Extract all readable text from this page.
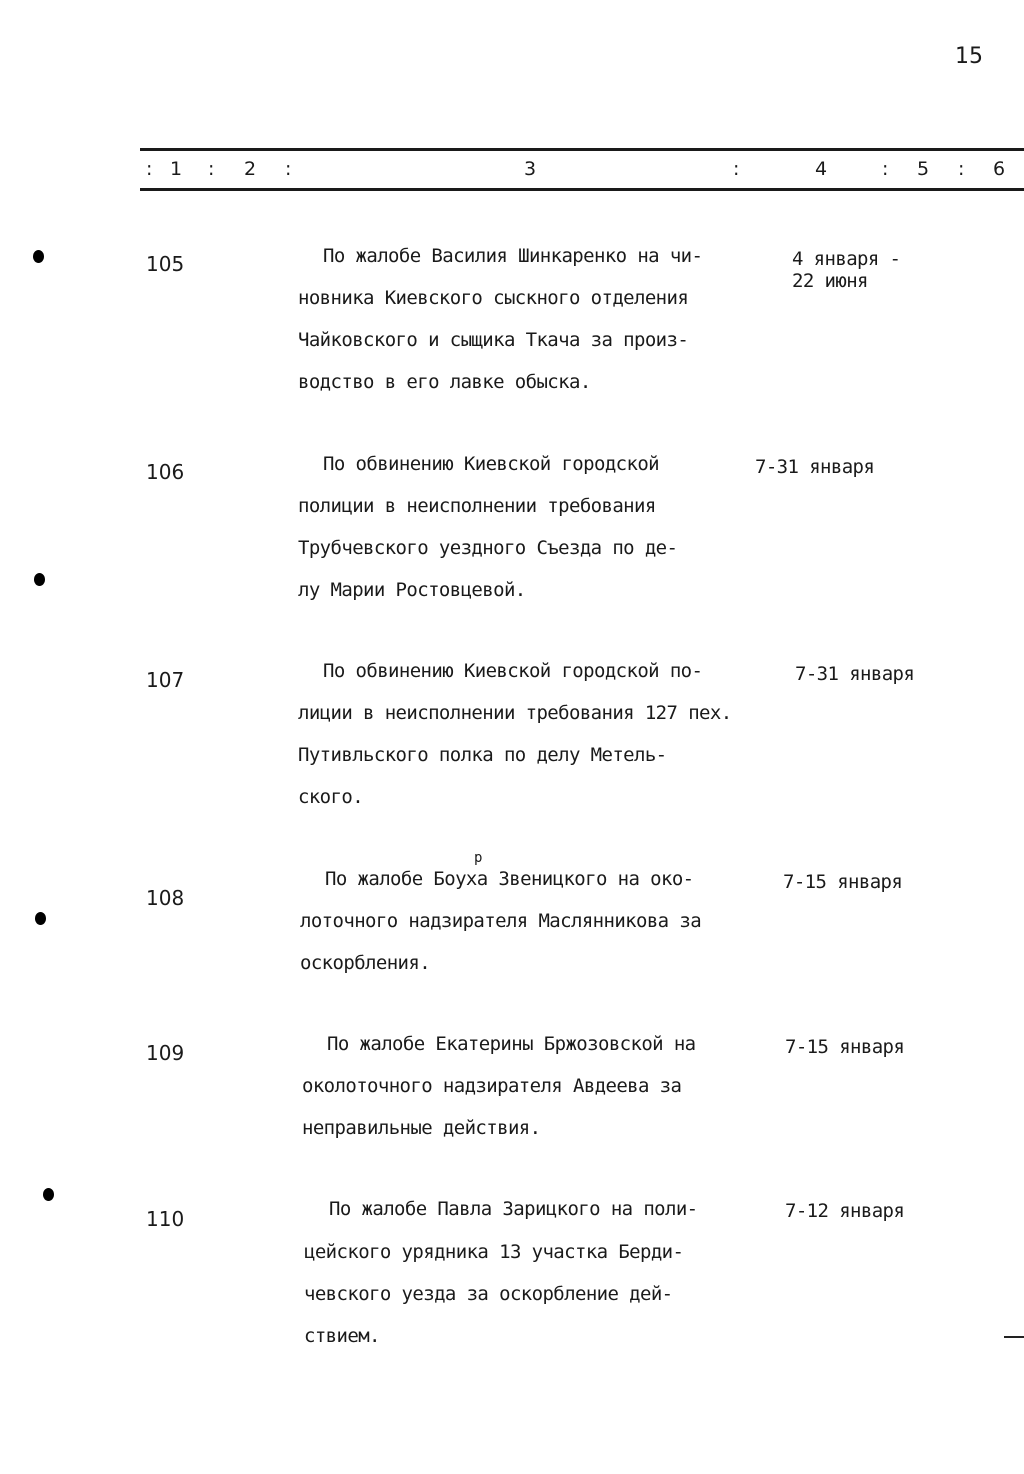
15
: 1 : 2 :	3	:	4	: 5 : 6
105	По жалобе Василия Шинкаренко на чи-
новника Киевского сыскного отделения
Чайковского и сыщика Ткача за произ-
водство в его лавке обыска.
4 января -
22 июня
106	По обвинению Киевской городской
полиции в неисполнении требования
Трубчевского уездного Съезда по де-
лу Марии Ростовцевой.
7-31 января
107	По обвинению Киевской городской по-
лиции в неисполнении требования 127 пех.
Путивльского полка по делу Метель-
ского.
7-31 января
р
108
По жалобе Боуха Звеницкого на око-
лоточного надзирателя Маслянникова за
оскорбления.
7-15 января
109	По жалобе Екатерины Бржозовской на
околоточного надзирателя Авдеева за
неправильные действия.
7-15 января
110	По жалобе Павла Зарицкого на поли-
цейского урядника 13 участка Берди-
чевского уезда за оскорбление дей-
ствием.
7-12 января
